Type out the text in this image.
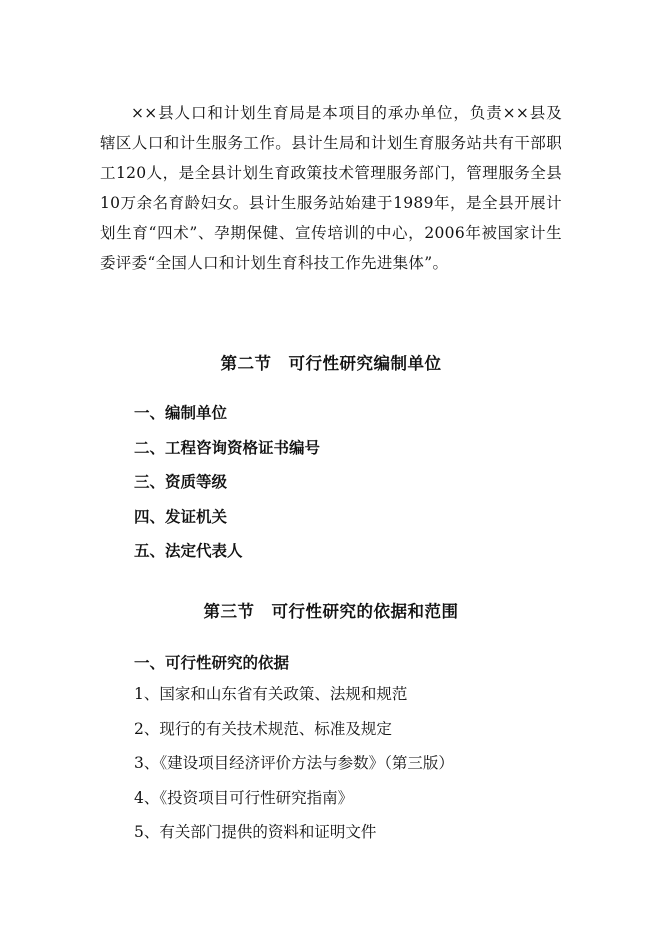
××县人口和计划生育局是本项目的承办单位，负责××县及辖区人口和计生服务工作。县计生局和计划生育服务站共有干部职工120人，是全县计划生育政策技术管理服务部门，管理服务全县10万余名育龄妇女。县计生服务站始建于1989年，是全县开展计划生育“四术”、孕期保健、宣传培训的中心，2006年被国家计生委评委“全国人口和计划生育科技工作先进集体”。

第二节　可行性研究编制单位
一、编制单位
二、工程咨询资格证书编号
三、资质等级
四、发证机关
五、法定代表人
第三节　可行性研究的依据和范围
一、可行性研究的依据
1、国家和山东省有关政策、法规和规范
2、现行的有关技术规范、标准及规定
3、《建设项目经济评价方法与参数》（第三版）
4、《投资项目可行性研究指南》
5、有关部门提供的资料和证明文件
